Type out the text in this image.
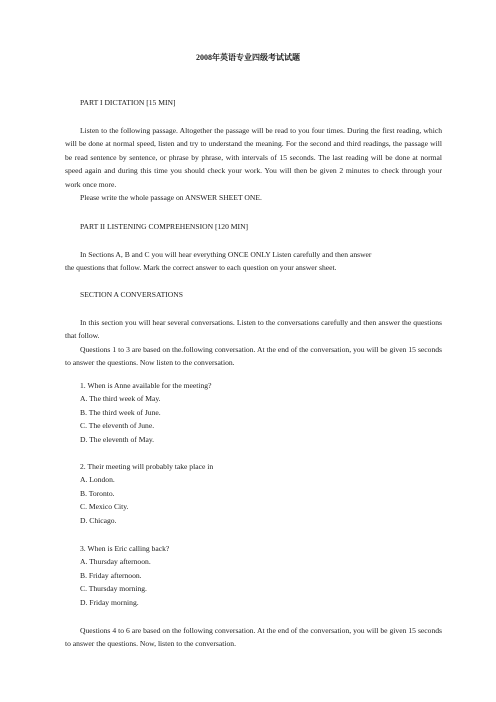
2008年英语专业四级考试试题

PART I DICTATION [15 MIN]

Listen to the following passage. Altogether the passage will be read to you four times. During the first reading, which will be done at normal speed, listen and try to understand the meaning. For the second and third readings, the passage will be read sentence by sentence, or phrase by phrase, with intervals of 15 seconds. The last reading will be done at normal speed again and during this time you should check your work. You will then be given 2 minutes to check through your work once more.

Please write the whole passage on ANSWER SHEET ONE.

PART II LISTENING COMPREHENSION [120 MIN]

In Sections A, B and C you will hear everything ONCE ONLY Listen carefully and then answer

the questions that follow. Mark the correct answer to each question on your answer sheet.

SECTION A CONVERSATIONS

In this section you will hear several conversations. Listen to the conversations carefully and then answer the questions that follow.

Questions 1 to 3 are based on the.following conversation. At the end of the conversation, you will be given 15 seconds to answer the questions. Now listen to the conversation.

1. When is Anne available for the meeting?

A. The third week of May.

B. The third week of June.

C. The eleventh of June.

D. The eleventh of May.

2. Their meeting will probably take place in

A. London.

B. Toronto.

C. Mexico City.

D. Chicago.

3. When is Eric calling back?

A. Thursday afternoon.

B. Friday afternoon.

C. Thursday morning.

D. Friday morning.

Questions 4 to 6 are based on the following conversation. At the end of the conversation, you will be given 15 seconds to answer the questions. Now, listen to the conversation.
